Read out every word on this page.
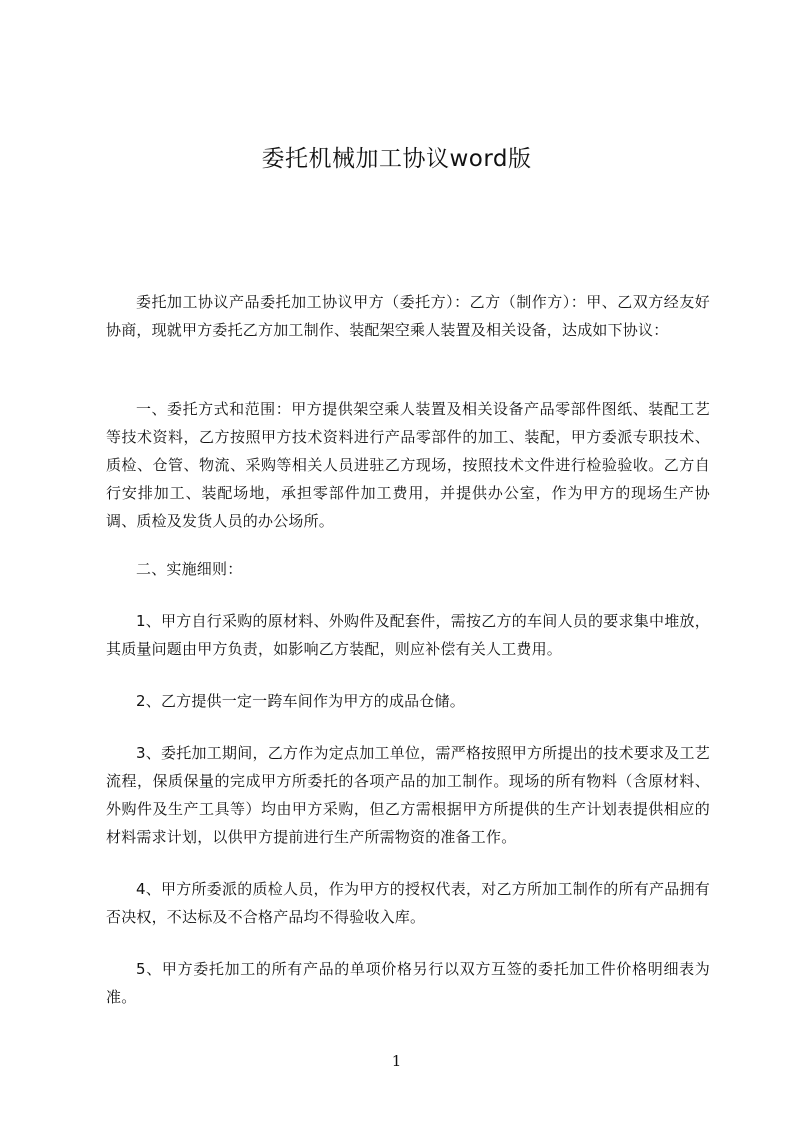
委托机械加工协议word版

委托加工协议产品委托加工协议甲方（委托方）：乙方（制作方）：甲、乙双方经友好协商，现就甲方委托乙方加工制作、装配架空乘人装置及相关设备，达成如下协议：

一、委托方式和范围：甲方提供架空乘人装置及相关设备产品零部件图纸、装配工艺等技术资料，乙方按照甲方技术资料进行产品零部件的加工、装配，甲方委派专职技术、质检、仓管、物流、采购等相关人员进驻乙方现场，按照技术文件进行检验验收。乙方自行安排加工、装配场地，承担零部件加工费用，并提供办公室，作为甲方的现场生产协调、质检及发货人员的办公场所。

二、实施细则：

1、甲方自行采购的原材料、外购件及配套件，需按乙方的车间人员的要求集中堆放，其质量问题由甲方负责，如影响乙方装配，则应补偿有关人工费用。

2、乙方提供一定一跨车间作为甲方的成品仓储。

3、委托加工期间，乙方作为定点加工单位，需严格按照甲方所提出的技术要求及工艺流程，保质保量的完成甲方所委托的各项产品的加工制作。现场的所有物料（含原材料、外购件及生产工具等）均由甲方采购，但乙方需根据甲方所提供的生产计划表提供相应的材料需求计划，以供甲方提前进行生产所需物资的准备工作。

4、甲方所委派的质检人员，作为甲方的授权代表，对乙方所加工制作的所有产品拥有否决权，不达标及不合格产品均不得验收入库。

5、甲方委托加工的所有产品的单项价格另行以双方互签的委托加工件价格明细表为准。

1
